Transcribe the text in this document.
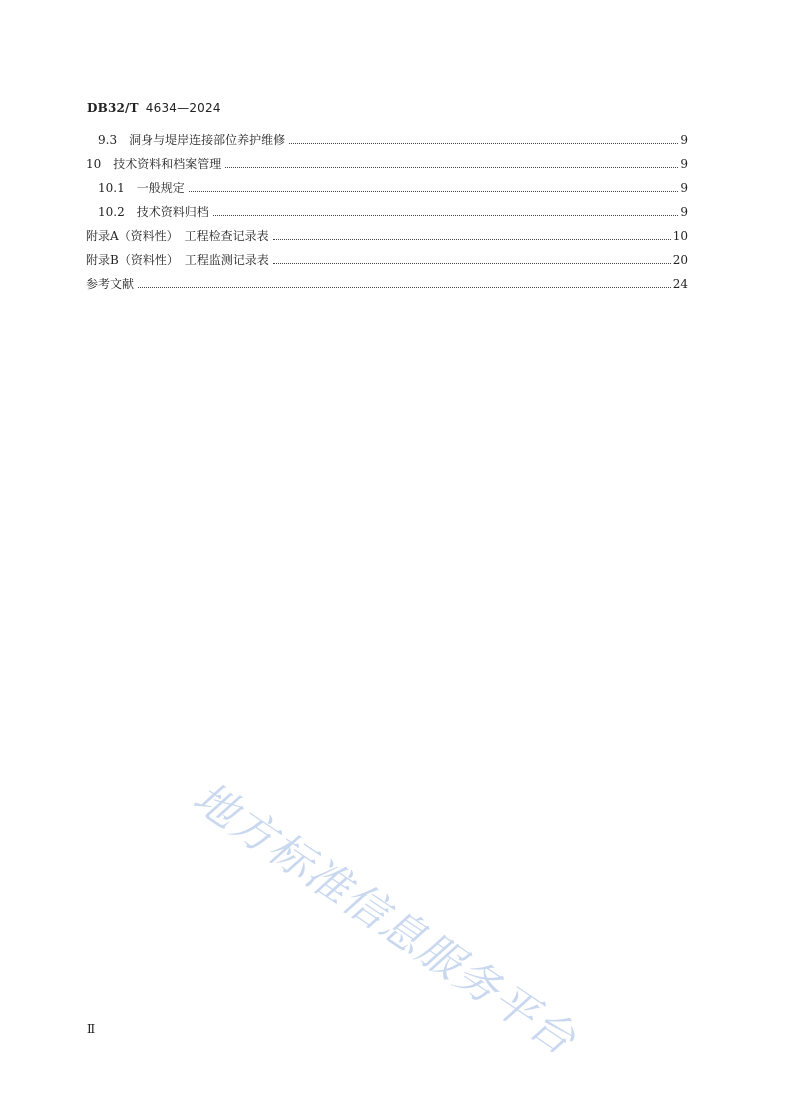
DB32/T 4634—2024
9.3　洞身与堤岸连接部位养护维修	9
10　技术资料和档案管理	9
10.1　一般规定	9
10.2　技术资料归档	9
附录A（资料性）　工程检查记录表	10
附录B（资料性）　工程监测记录表	20
参考文献	24
地方标准信息服务平台
Ⅱ
